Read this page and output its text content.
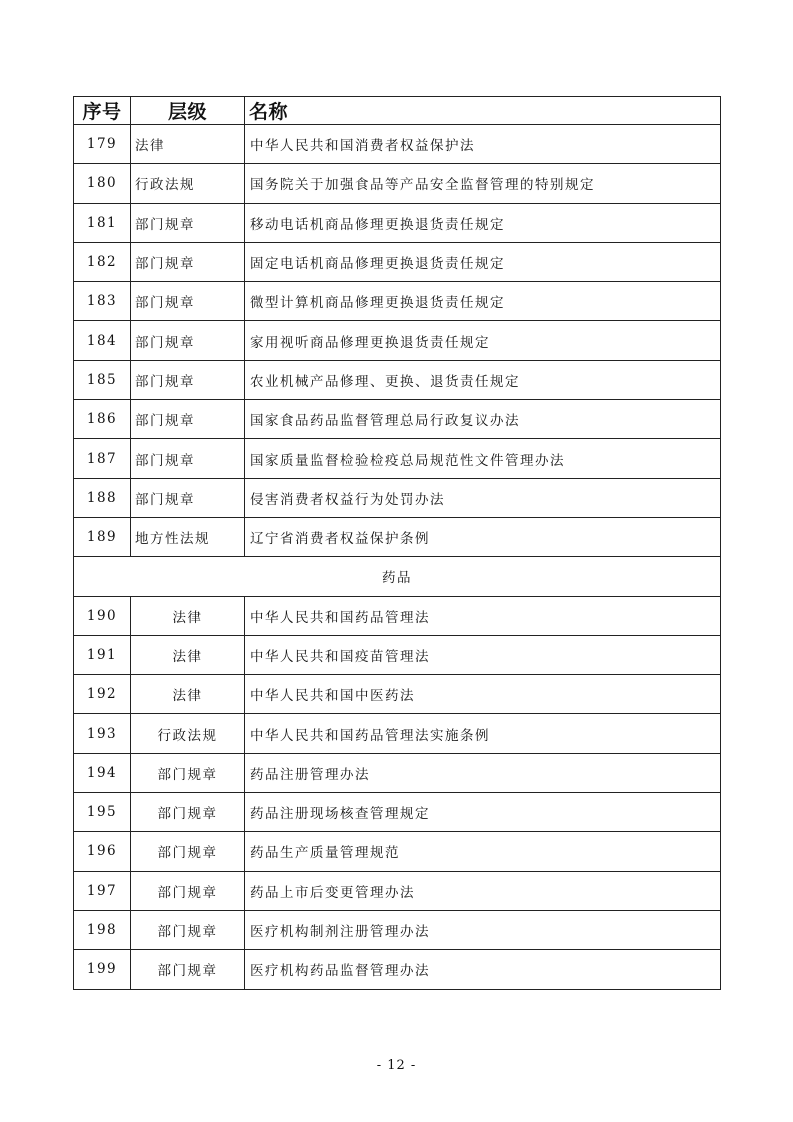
序号	层级	名称
179	法律	中华人民共和国消费者权益保护法
180	行政法规	国务院关于加强食品等产品安全监督管理的特别规定
181	部门规章	移动电话机商品修理更换退货责任规定
182	部门规章	固定电话机商品修理更换退货责任规定
183	部门规章	微型计算机商品修理更换退货责任规定
184	部门规章	家用视听商品修理更换退货责任规定
185	部门规章	农业机械产品修理、更换、退货责任规定
186	部门规章	国家食品药品监督管理总局行政复议办法
187	部门规章	国家质量监督检验检疫总局规范性文件管理办法
188	部门规章	侵害消费者权益行为处罚办法
189	地方性法规	辽宁省消费者权益保护条例
药品		
190	法律	中华人民共和国药品管理法
191	法律	中华人民共和国疫苗管理法
192	法律	中华人民共和国中医药法
193	行政法规	中华人民共和国药品管理法实施条例
194	部门规章	药品注册管理办法
195	部门规章	药品注册现场核查管理规定
196	部门规章	药品生产质量管理规范
197	部门规章	药品上市后变更管理办法
198	部门规章	医疗机构制剂注册管理办法
199	部门规章	医疗机构药品监督管理办法
- 12 -
